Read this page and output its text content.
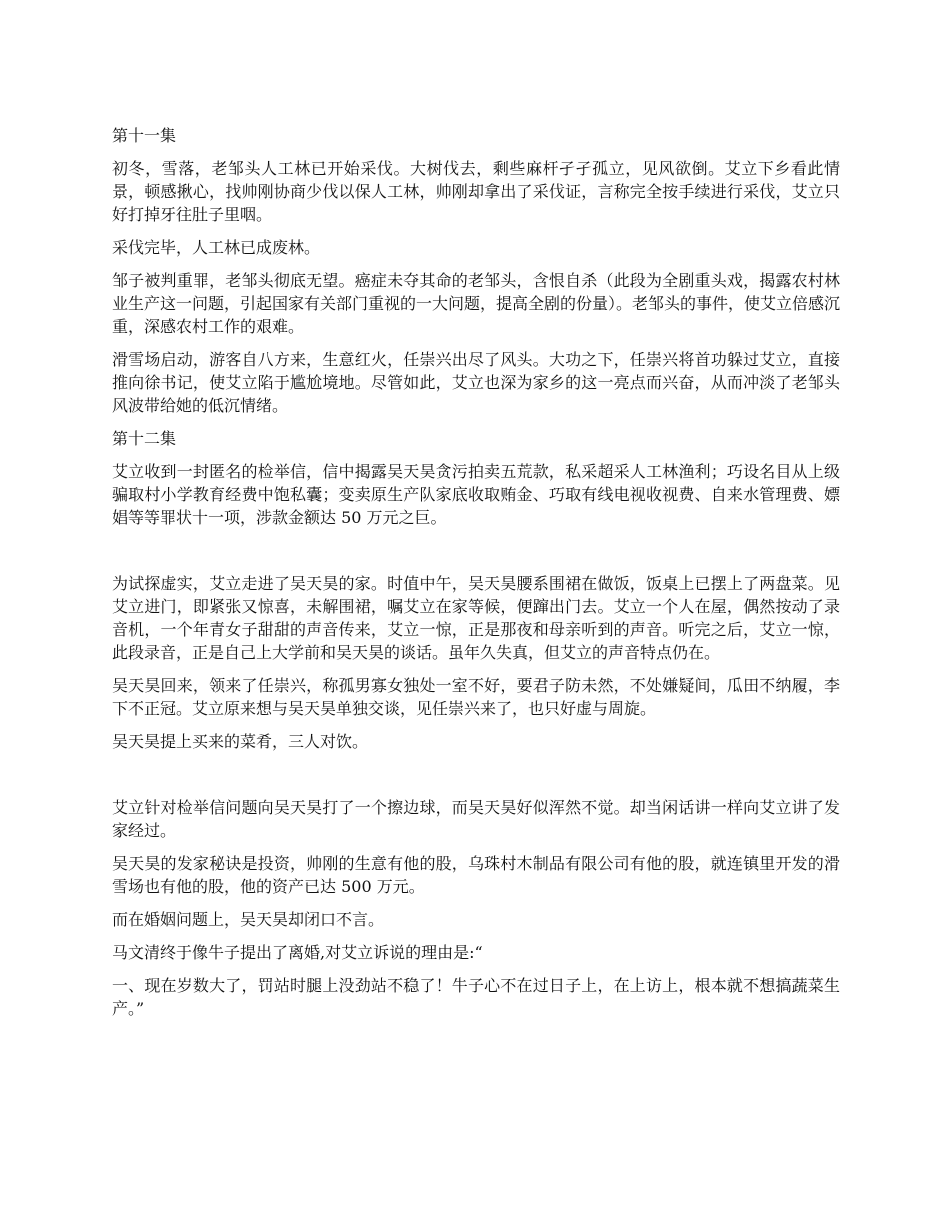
第十一集

初冬，雪落，老邹头人工林已开始采伐。大树伐去，剩些麻杆孑孑孤立，见风欲倒。艾立下乡看此情景，顿感揪心，找帅刚协商少伐以保人工林，帅刚却拿出了采伐证，言称完全按手续进行采伐，艾立只好打掉牙往肚子里咽。

采伐完毕，人工林已成废林。

邹子被判重罪，老邹头彻底无望。癌症未夺其命的老邹头，含恨自杀（此段为全剧重头戏，揭露农村林业生产这一问题，引起国家有关部门重视的一大问题，提高全剧的份量）。老邹头的事件，使艾立倍感沉重，深感农村工作的艰难。

滑雪场启动，游客自八方来，生意红火，任崇兴出尽了风头。大功之下，任崇兴将首功躲过艾立，直接推向徐书记，使艾立陷于尴尬境地。尽管如此，艾立也深为家乡的这一亮点而兴奋，从而冲淡了老邹头风波带给她的低沉情绪。

第十二集

艾立收到一封匿名的检举信，信中揭露吴天昊贪污拍卖五荒款，私采超采人工林渔利；巧设名目从上级骗取村小学教育经费中饱私囊；变卖原生产队家底收取贿金、巧取有线电视收视费、自来水管理费、嫖娼等等罪状十一项，涉款金额达 50 万元之巨。

为试探虚实，艾立走进了吴天昊的家。时值中午，吴天昊腰系围裙在做饭，饭桌上已摆上了两盘菜。见艾立进门，即紧张又惊喜，未解围裙，嘱艾立在家等候，便蹿出门去。艾立一个人在屋，偶然按动了录音机，一个年青女子甜甜的声音传来，艾立一惊，正是那夜和母亲听到的声音。听完之后，艾立一惊，此段录音，正是自己上大学前和吴天昊的谈话。虽年久失真，但艾立的声音特点仍在。

吴天昊回来，领来了任崇兴，称孤男寡女独处一室不好，要君子防未然，不处嫌疑间，瓜田不纳履，李下不正冠。艾立原来想与吴天昊单独交谈，见任崇兴来了，也只好虚与周旋。

吴天昊提上买来的菜肴，三人对饮。

艾立针对检举信问题向吴天昊打了一个擦边球，而吴天昊好似浑然不觉。却当闲话讲一样向艾立讲了发家经过。

吴天昊的发家秘诀是投资，帅刚的生意有他的股，乌珠村木制品有限公司有他的股，就连镇里开发的滑雪场也有他的股，他的资产已达 500 万元。

而在婚姻问题上，吴天昊却闭口不言。

马文清终于像牛子提出了离婚,对艾立诉说的理由是:“

一、现在岁数大了，罚站时腿上没劲站不稳了！牛子心不在过日子上，在上访上，根本就不想搞蔬菜生产。”
